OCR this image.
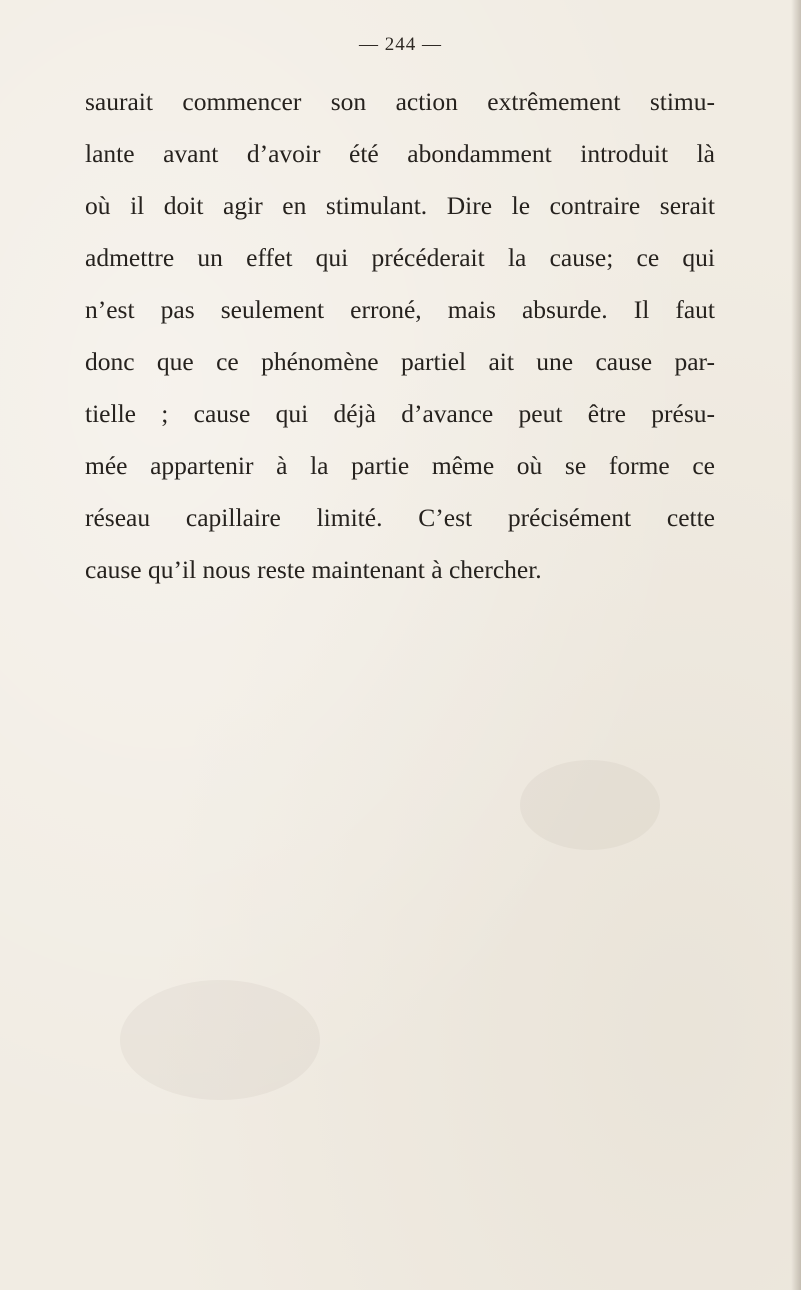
— 244 —
saurait commencer son action extrêmement stimu-
lante avant d’avoir été abondamment introduit là
où il doit agir en stimulant. Dire le contraire serait
admettre un effet qui précéderait la cause; ce qui
n’est pas seulement erroné, mais absurde. Il faut
donc que ce phénomène partiel ait une cause par-
tielle ; cause qui déjà d’avance peut être présu-
mée appartenir à la partie même où se forme ce
réseau capillaire limité. C’est précisément cette
cause qu’il nous reste maintenant à chercher.
